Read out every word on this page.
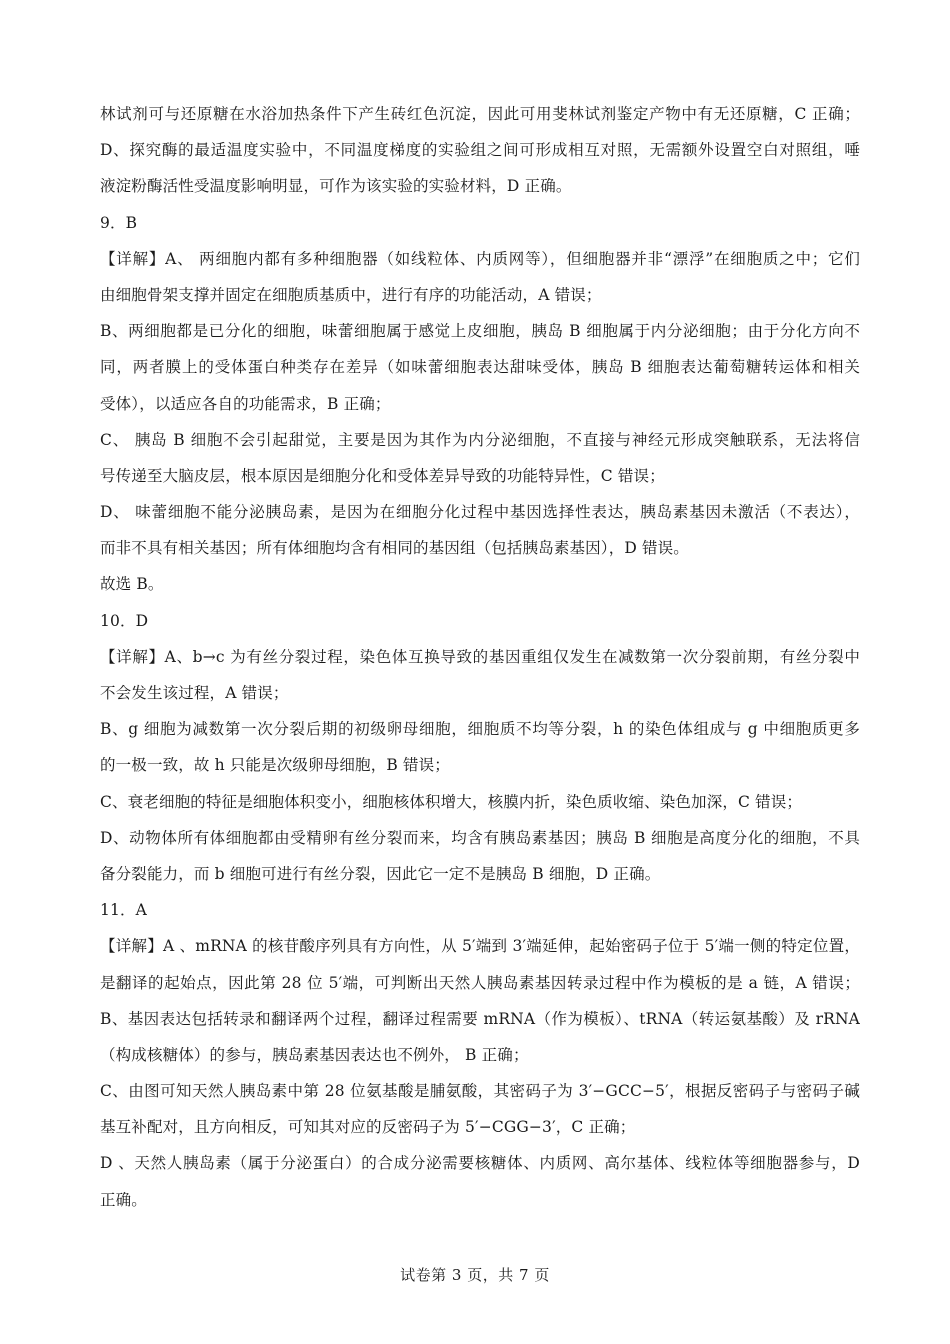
林试剂可与还原糖在水浴加热条件下产生砖红色沉淀，因此可用斐林试剂鉴定产物中有无还原糖，C 正确；
D、探究酶的最适温度实验中，不同温度梯度的实验组之间可形成相互对照，无需额外设置空白对照组，唾
液淀粉酶活性受温度影响明显，可作为该实验的实验材料，D 正确。
9．B
【详解】A、 两细胞内都有多种细胞器（如线粒体、内质网等），但细胞器并非“漂浮”在细胞质之中；它们
由细胞骨架支撑并固定在细胞质基质中，进行有序的功能活动，A 错误；
B、两细胞都是已分化的细胞，味蕾细胞属于感觉上皮细胞，胰岛 B 细胞属于内分泌细胞；由于分化方向不
同，两者膜上的受体蛋白种类存在差异（如味蕾细胞表达甜味受体，胰岛 B 细胞表达葡萄糖转运体和相关
受体），以适应各自的功能需求，B 正确；
C、 胰岛 B 细胞不会引起甜觉，主要是因为其作为内分泌细胞，不直接与神经元形成突触联系，无法将信
号传递至大脑皮层，根本原因是细胞分化和受体差异导致的功能特异性，C 错误；
D、 味蕾细胞不能分泌胰岛素，是因为在细胞分化过程中基因选择性表达，胰岛素基因未激活（不表达），
而非不具有相关基因；所有体细胞均含有相同的基因组（包括胰岛素基因），D 错误。
故选 B。
10．D
【详解】A、b→c 为有丝分裂过程，染色体互换导致的基因重组仅发生在减数第一次分裂前期，有丝分裂中
不会发生该过程，A 错误；
B、g 细胞为减数第一次分裂后期的初级卵母细胞，细胞质不均等分裂，h 的染色体组成与 g 中细胞质更多
的一极一致，故 h 只能是次级卵母细胞，B 错误；
C、衰老细胞的特征是细胞体积变小，细胞核体积增大，核膜内折，染色质收缩、染色加深，C 错误；
D、动物体所有体细胞都由受精卵有丝分裂而来，均含有胰岛素基因；胰岛 B 细胞是高度分化的细胞，不具
备分裂能力，而 b 细胞可进行有丝分裂，因此它一定不是胰岛 B 细胞，D 正确。
11．A
【详解】A 、mRNA 的核苷酸序列具有方向性，从 5′端到 3′端延伸，起始密码子位于 5′端一侧的特定位置，
是翻译的起始点，因此第 28 位 5′端，可判断出天然人胰岛素基因转录过程中作为模板的是 a 链，A 错误；
B、基因表达包括转录和翻译两个过程，翻译过程需要 mRNA（作为模板）、tRNA（转运氨基酸）及 rRNA
（构成核糖体）的参与，胰岛素基因表达也不例外， B 正确；
C、由图可知天然人胰岛素中第 28 位氨基酸是脯氨酸，其密码子为 3′−GCC−5′，根据反密码子与密码子碱
基互补配对，且方向相反，可知其对应的反密码子为 5′−CGG−3′，C 正确；
D 、天然人胰岛素（属于分泌蛋白）的合成分泌需要核糖体、内质网、高尔基体、线粒体等细胞器参与，D
正确。
试卷第 3 页，共 7 页
